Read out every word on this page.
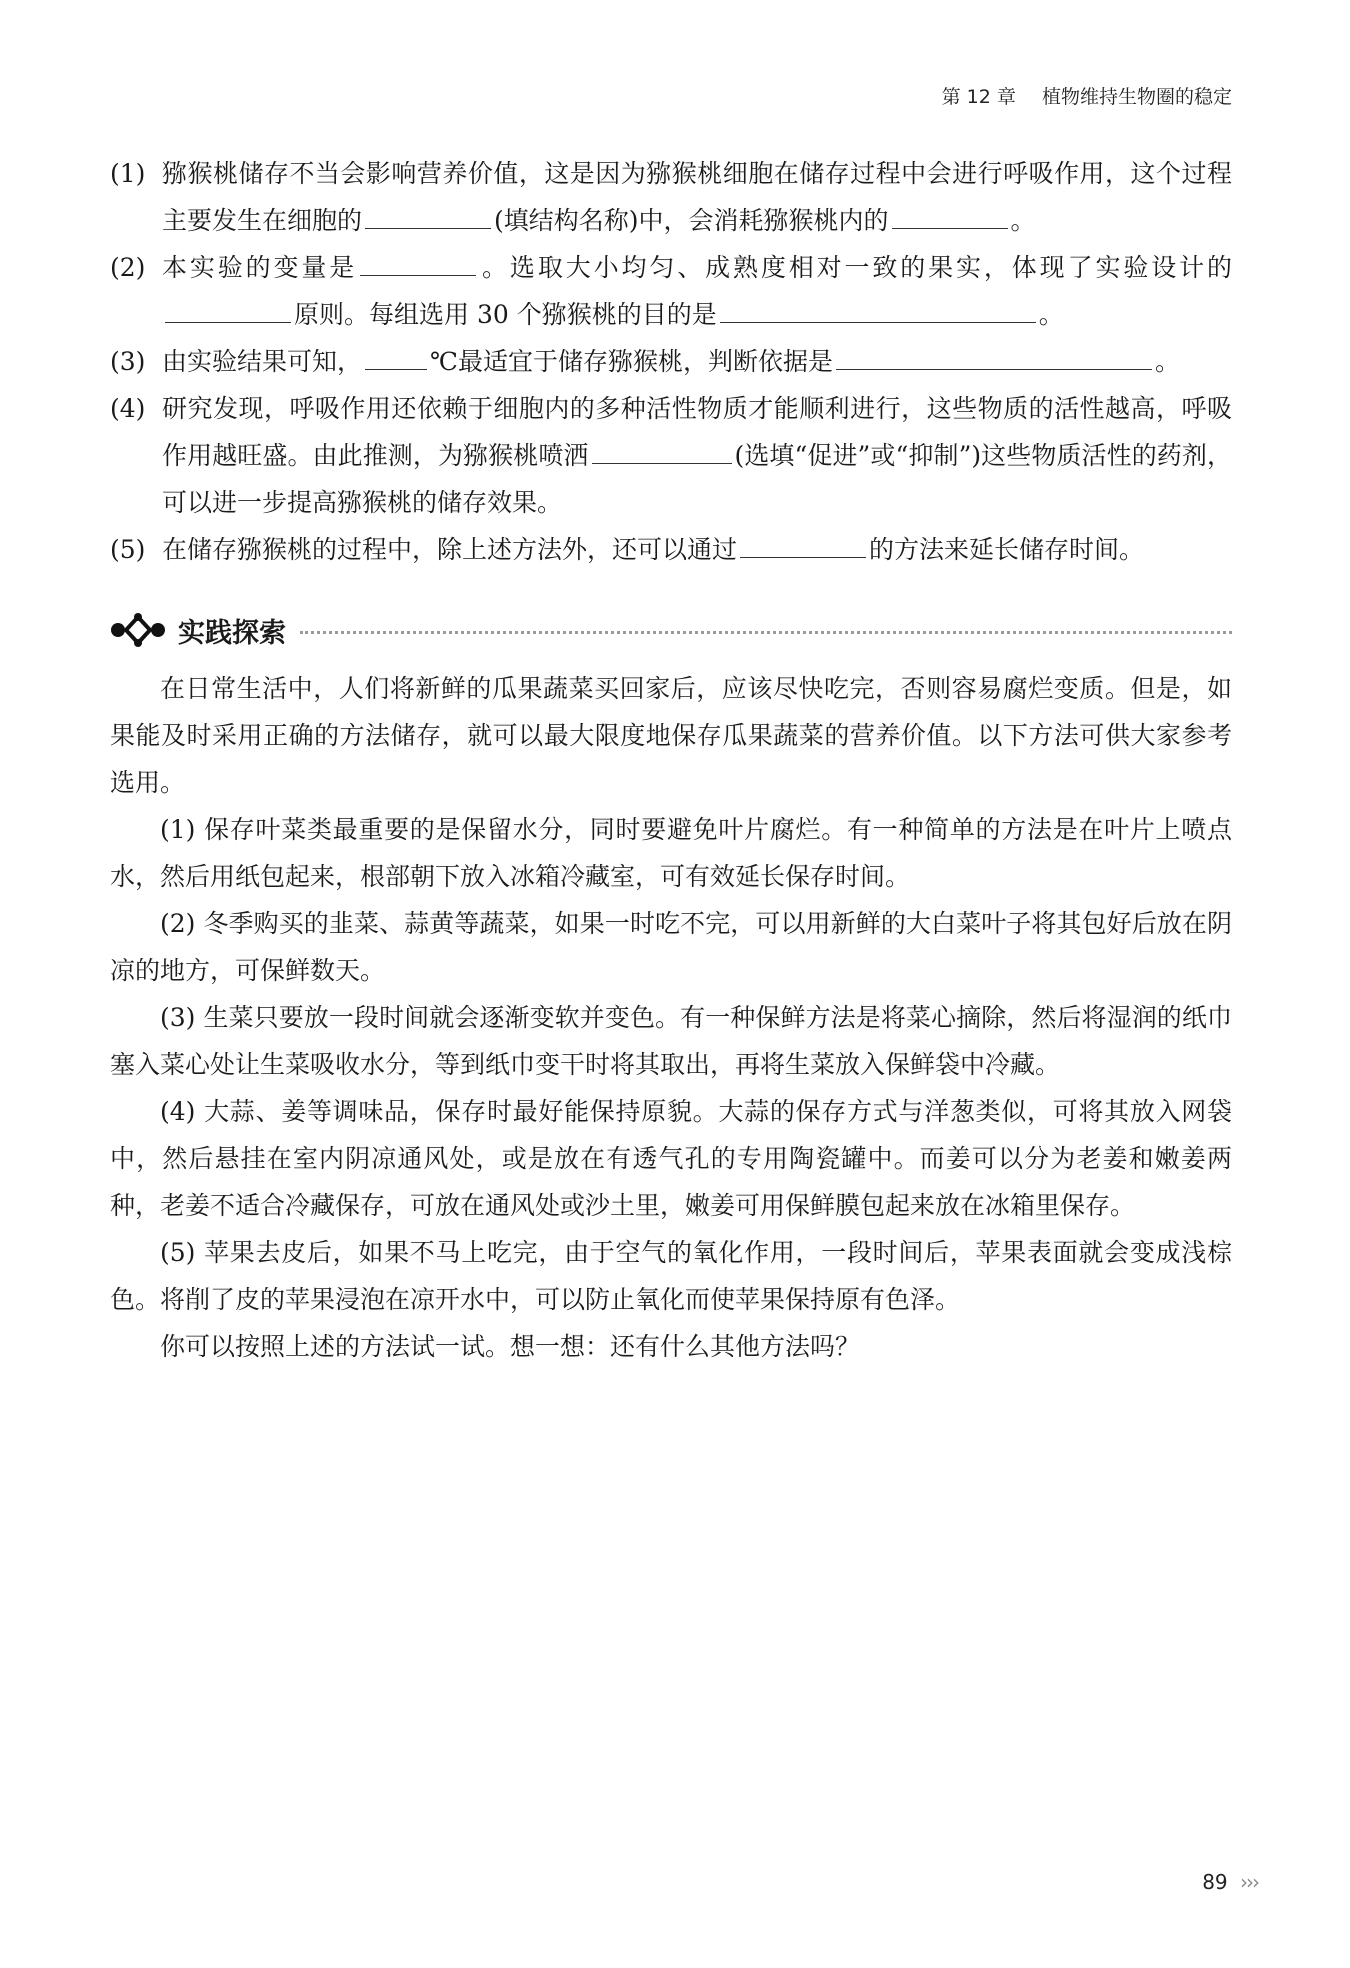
第 12 章 植物维持生物圈的稳定
(1) 猕猴桃储存不当会影响营养价值，这是因为猕猴桃细胞在储存过程中会进行呼吸作用，这个过程主要发生在细胞的	(填结构名称)中，会消耗猕猴桃内的	。
(2) 本实验的变量是	。选取大小均匀、成熟度相对一致的果实，体现了实验设计的原则。每组选用 30 个猕猴桃的目的是	。
(3) 由实验结果可知，	℃最适宜于储存猕猴桃，判断依据是	。
(4) 研究发现，呼吸作用还依赖于细胞内的多种活性物质才能顺利进行，这些物质的活性越高，呼吸作用越旺盛。由此推测，为猕猴桃喷洒	(选填“促进”或“抑制”)这些物质活性的药剂，可以进一步提高猕猴桃的储存效果。
(5) 在储存猕猴桃的过程中，除上述方法外，还可以通过	的方法来延长储存时间。
实践探索

在日常生活中，人们将新鲜的瓜果蔬菜买回家后，应该尽快吃完，否则容易腐烂变质。但是，如果能及时采用正确的方法储存，就可以最大限度地保存瓜果蔬菜的营养价值。以下方法可供大家参考选用。

(1) 保存叶菜类最重要的是保留水分，同时要避免叶片腐烂。有一种简单的方法是在叶片上喷点水，然后用纸包起来，根部朝下放入冰箱冷藏室，可有效延长保存时间。

(2) 冬季购买的韭菜、蒜黄等蔬菜，如果一时吃不完，可以用新鲜的大白菜叶子将其包好后放在阴凉的地方，可保鲜数天。

(3) 生菜只要放一段时间就会逐渐变软并变色。有一种保鲜方法是将菜心摘除，然后将湿润的纸巾塞入菜心处让生菜吸收水分，等到纸巾变干时将其取出，再将生菜放入保鲜袋中冷藏。

(4) 大蒜、姜等调味品，保存时最好能保持原貌。大蒜的保存方式与洋葱类似，可将其放入网袋中，然后悬挂在室内阴凉通风处，或是放在有透气孔的专用陶瓷罐中。而姜可以分为老姜和嫩姜两种，老姜不适合冷藏保存，可放在通风处或沙土里，嫩姜可用保鲜膜包起来放在冰箱里保存。

(5) 苹果去皮后，如果不马上吃完，由于空气的氧化作用，一段时间后，苹果表面就会变成浅棕色。将削了皮的苹果浸泡在凉开水中，可以防止氧化而使苹果保持原有色泽。

你可以按照上述的方法试一试。想一想：还有什么其他方法吗？

89 ›››
